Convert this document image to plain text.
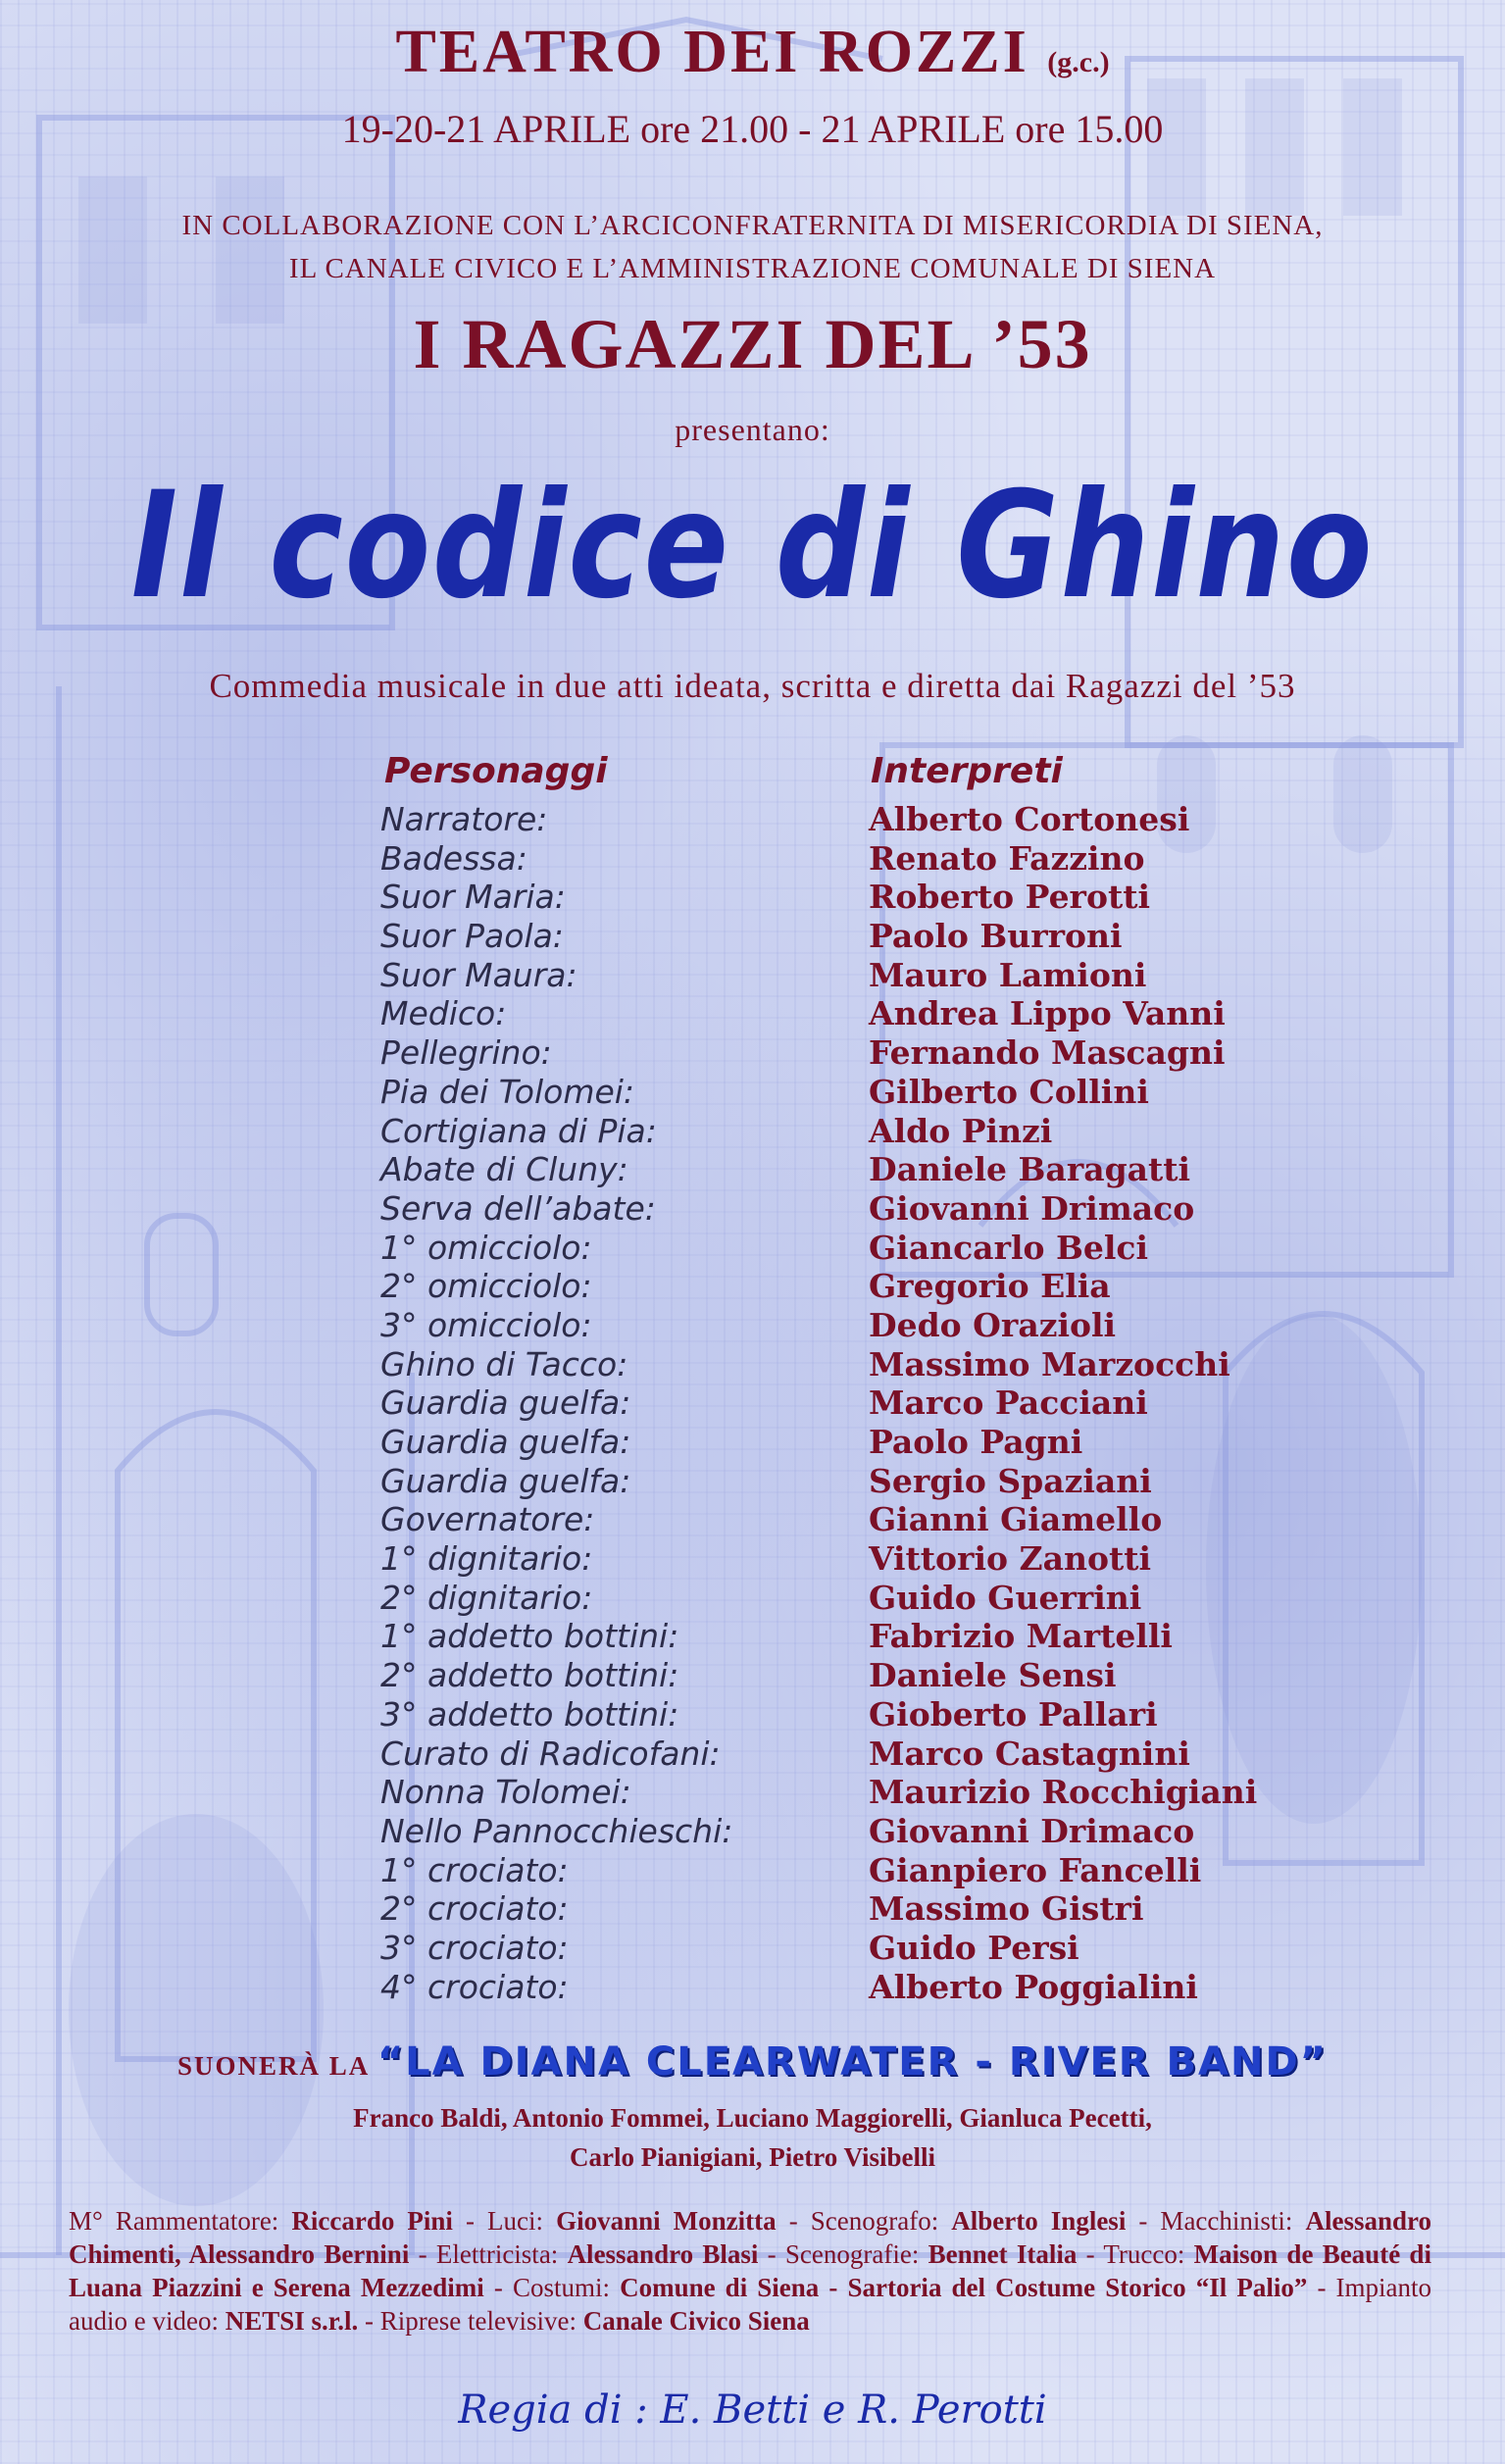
TEATRO DEI ROZZI (g.c.)
19-20-21 APRILE ore 21.00 - 21 APRILE ore 15.00
IN COLLABORAZIONE CON L’ARCICONFRATERNITA DI MISERICORDIA DI SIENA,
IL CANALE CIVICO E L’AMMINISTRAZIONE COMUNALE DI SIENA
I RAGAZZI DEL ’53
presentano:
Il codice di Ghino
Commedia musicale in due atti ideata, scritta e diretta dai Ragazzi del ’53
Personaggi	Interpreti
Narratore:
Badessa:
Suor Maria:
Suor Paola:
Suor Maura:
Medico:
Pellegrino:
Pia dei Tolomei:
Cortigiana di Pia:
Abate di Cluny:
Serva dell’abate:
1° omicciolo:
2° omicciolo:
3° omicciolo:
Ghino di Tacco:
Guardia guelfa:
Guardia guelfa:
Guardia guelfa:
Governatore:
1° dignitario:
2° dignitario:
1° addetto bottini:
2° addetto bottini:
3° addetto bottini:
Curato di Radicofani:
Nonna Tolomei:
Nello Pannocchieschi:
1° crociato:
2° crociato:
3° crociato:
4° crociato:
Alberto Cortonesi
Renato Fazzino
Roberto Perotti
Paolo Burroni
Mauro Lamioni
Andrea Lippo Vanni
Fernando Mascagni
Gilberto Collini
Aldo Pinzi
Daniele Baragatti
Giovanni Drimaco
Giancarlo Belci
Gregorio Elia
Dedo Orazioli
Massimo Marzocchi
Marco Pacciani
Paolo Pagni
Sergio Spaziani
Gianni Giamello
Vittorio Zanotti
Guido Guerrini
Fabrizio Martelli
Daniele Sensi
Gioberto Pallari
Marco Castagnini
Maurizio Rocchigiani
Giovanni Drimaco
Gianpiero Fancelli
Massimo Gistri
Guido Persi
Alberto Poggialini
SUONERÀ LA “LA DIANA CLEARWATER - RIVER BAND”
Franco Baldi, Antonio Fommei, Luciano Maggiorelli, Gianluca Pecetti,
Carlo Pianigiani, Pietro Visibelli
M° Rammentatore: Riccardo Pini - Luci: Giovanni Monzitta - Scenografo: Alberto Inglesi - Macchinisti: Alessandro Chimenti, Alessandro Bernini - Elettricista: Alessandro Blasi - Scenografie: Bennet Italia - Trucco: Maison de Beauté di Luana Piazzini e Serena Mezzedimi - Costumi: Comune di Siena - Sartoria del Costume Storico “Il Palio” - Impianto audio e video: NETSI s.r.l. - Riprese televisive: Canale Civico Siena
Regia di : E. Betti e R. Perotti
